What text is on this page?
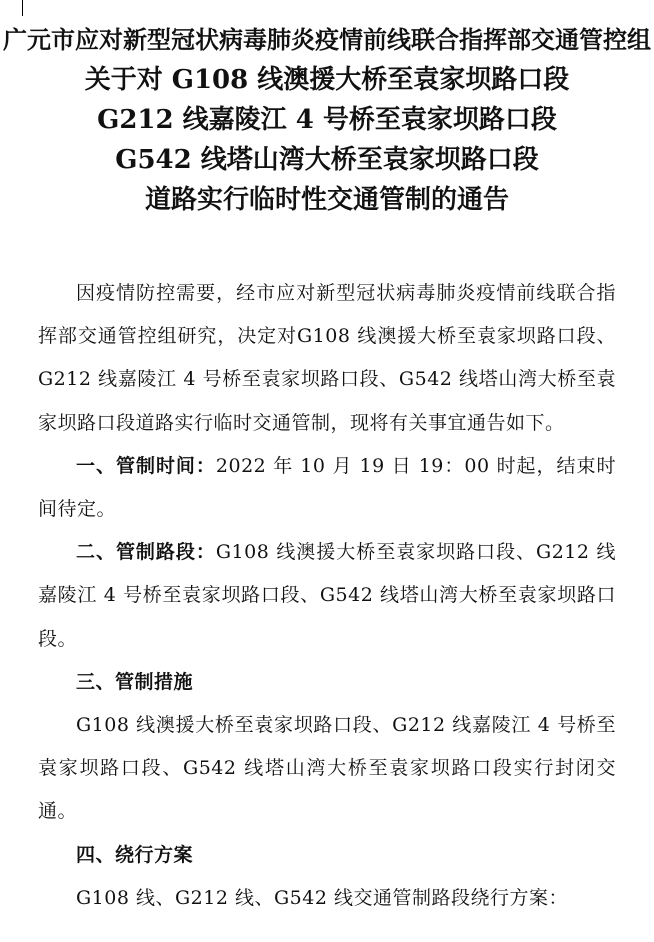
广元市应对新型冠状病毒肺炎疫情前线联合指挥部交通管控组
关于对 G108 线澳援大桥至袁家坝路口段
G212 线嘉陵江 4 号桥至袁家坝路口段
G542 线塔山湾大桥至袁家坝路口段
道路实行临时性交通管制的通告

因疫情防控需要，经市应对新型冠状病毒肺炎疫情前线联合指挥部交通管控组研究，决定对G108 线澳援大桥至袁家坝路口段、G212 线嘉陵江 4 号桥至袁家坝路口段、G542 线塔山湾大桥至袁家坝路口段道路实行临时交通管制，现将有关事宜通告如下。

一、管制时间：2022 年 10 月 19 日 19：00 时起，结束时间待定。

二、管制路段：G108 线澳援大桥至袁家坝路口段、G212 线嘉陵江 4 号桥至袁家坝路口段、G542 线塔山湾大桥至袁家坝路口段。

三、管制措施

G108 线澳援大桥至袁家坝路口段、G212 线嘉陵江 4 号桥至袁家坝路口段、G542 线塔山湾大桥至袁家坝路口段实行封闭交通。

四、绕行方案

G108 线、G212 线、G542 线交通管制路段绕行方案：
